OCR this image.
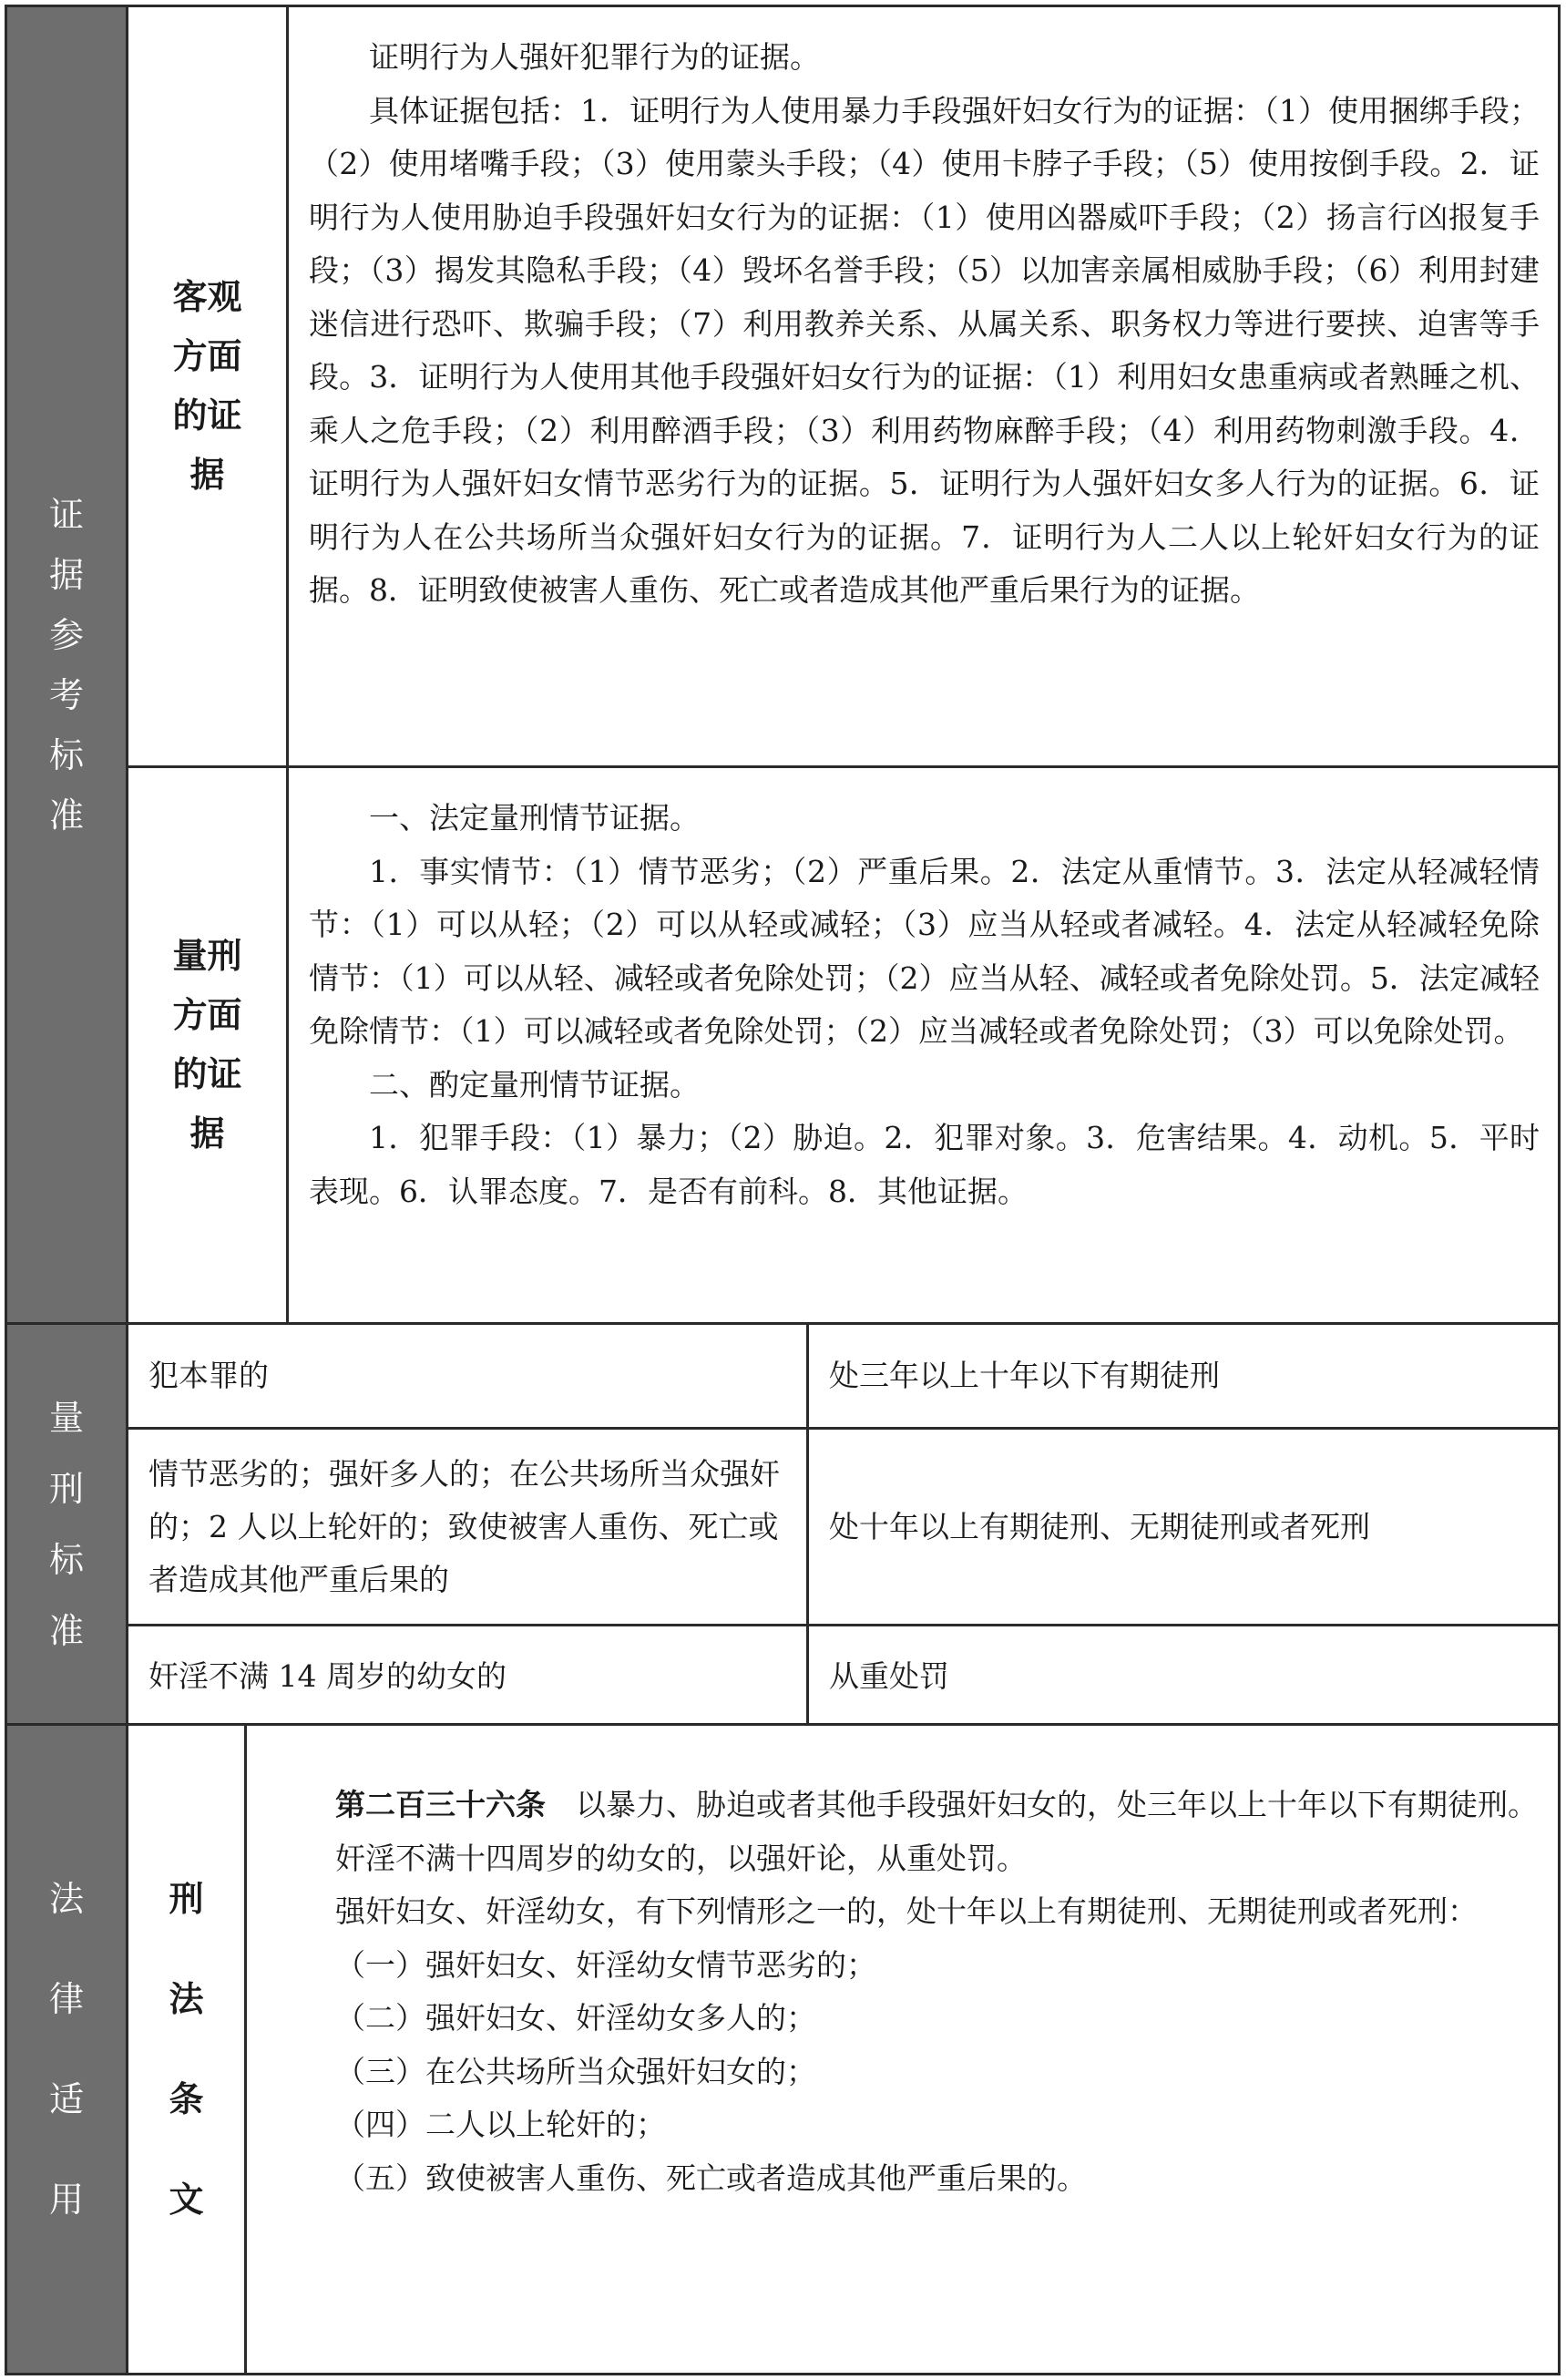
证
据
参
考
标
准
客观方面的证据

证明行为人强奸犯罪行为的证据。

具体证据包括：1．证明行为人使用暴力手段强奸妇女行为的证据：（1）使用捆绑手段；（2）使用堵嘴手段；（3）使用蒙头手段；（4）使用卡脖子手段；（5）使用按倒手段。2．证明行为人使用胁迫手段强奸妇女行为的证据：（1）使用凶器威吓手段；（2）扬言行凶报复手段；（3）揭发其隐私手段；（4）毁坏名誉手段；（5）以加害亲属相威胁手段；（6）利用封建迷信进行恐吓、欺骗手段；（7）利用教养关系、从属关系、职务权力等进行要挟、迫害等手段。3．证明行为人使用其他手段强奸妇女行为的证据：（1）利用妇女患重病或者熟睡之机、乘人之危手段；（2）利用醉酒手段；（3）利用药物麻醉手段；（4）利用药物刺激手段。4．证明行为人强奸妇女情节恶劣行为的证据。5．证明行为人强奸妇女多人行为的证据。6．证明行为人在公共场所当众强奸妇女行为的证据。7．证明行为人二人以上轮奸妇女行为的证据。8．证明致使被害人重伤、死亡或者造成其他严重后果行为的证据。

量刑方面的证据

一、法定量刑情节证据。

1．事实情节：（1）情节恶劣；（2）严重后果。2．法定从重情节。3．法定从轻减轻情节：（1）可以从轻；（2）可以从轻或减轻；（3）应当从轻或者减轻。4．法定从轻减轻免除情节：（1）可以从轻、减轻或者免除处罚；（2）应当从轻、减轻或者免除处罚。5．法定减轻免除情节：（1）可以减轻或者免除处罚；（2）应当减轻或者免除处罚；（3）可以免除处罚。

二、酌定量刑情节证据。

1．犯罪手段：（1）暴力；（2）胁迫。2．犯罪对象。3．危害结果。4．动机。5．平时表现。6．认罪态度。7．是否有前科。8．其他证据。

量
刑
标
准
犯本罪的	处三年以上十年以下有期徒刑
情节恶劣的；强奸多人的；在公共场所当众强奸的；2 人以上轮奸的；致使被害人重伤、死亡或者造成其他严重后果的
处十年以上有期徒刑、无期徒刑或者死刑
奸淫不满 14 周岁的幼女的	从重处罚
法
律
适
用
刑
法
条
文

第二百三十六条 以暴力、胁迫或者其他手段强奸妇女的，处三年以上十年以下有期徒刑。

奸淫不满十四周岁的幼女的，以强奸论，从重处罚。

强奸妇女、奸淫幼女，有下列情形之一的，处十年以上有期徒刑、无期徒刑或者死刑：

（一）强奸妇女、奸淫幼女情节恶劣的；

（二）强奸妇女、奸淫幼女多人的；

（三）在公共场所当众强奸妇女的；

（四）二人以上轮奸的；

（五）致使被害人重伤、死亡或者造成其他严重后果的。
